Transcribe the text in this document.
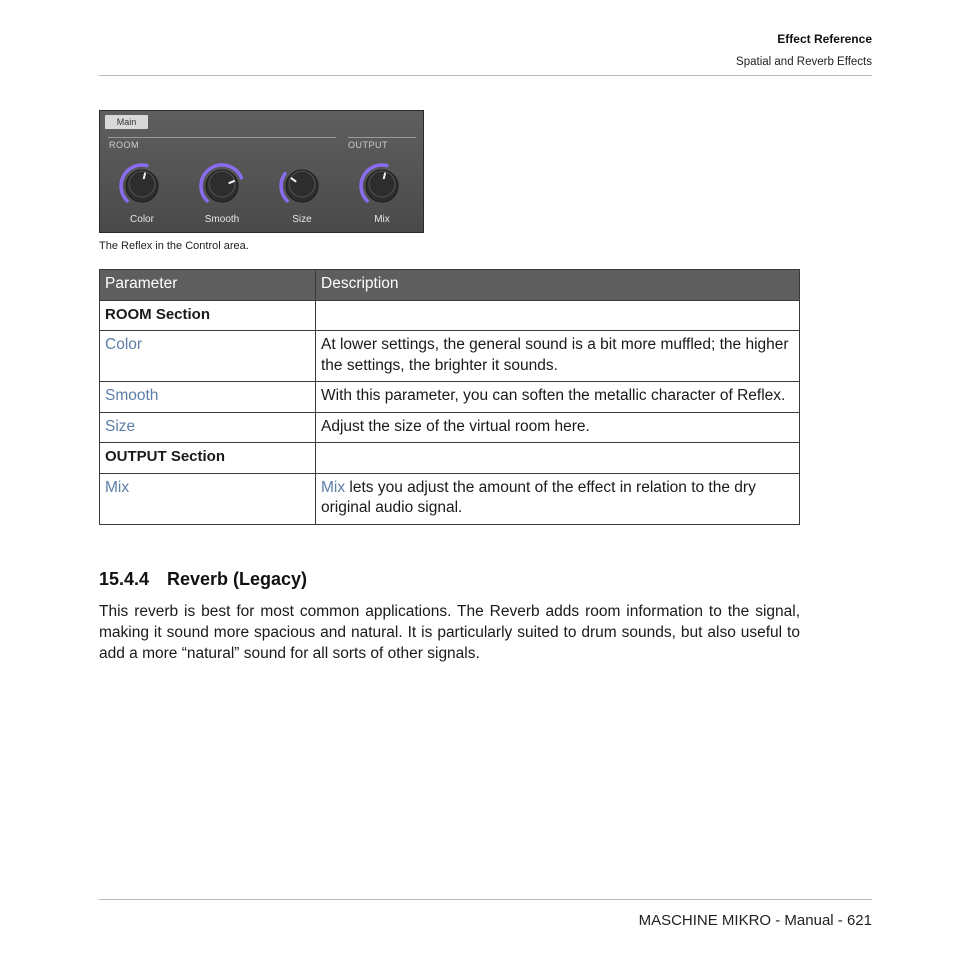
Effect Reference
Spatial and Reverb Effects
Main
ROOM	OUTPUT
Color	Smooth	Size	Mix
The Reflex in the Control area.
Parameter	Description
ROOM Section	
Color	At lower settings, the general sound is a bit more muffled; the higher the settings, the brighter it sounds.
Smooth	With this parameter, you can soften the metallic character of Reflex.
Size	Adjust the size of the virtual room here.
OUTPUT Section	
Mix	Mix lets you adjust the amount of the effect in relation to the dry original audio signal.
15.4.4 Reverb (Legacy)
This reverb is best for most common applications. The Reverb adds room information to the signal, making it sound more spacious and natural. It is particularly suited to drum sounds, but also useful to add a more “natural” sound for all sorts of other signals.
MASCHINE MIKRO - Manual - 621
